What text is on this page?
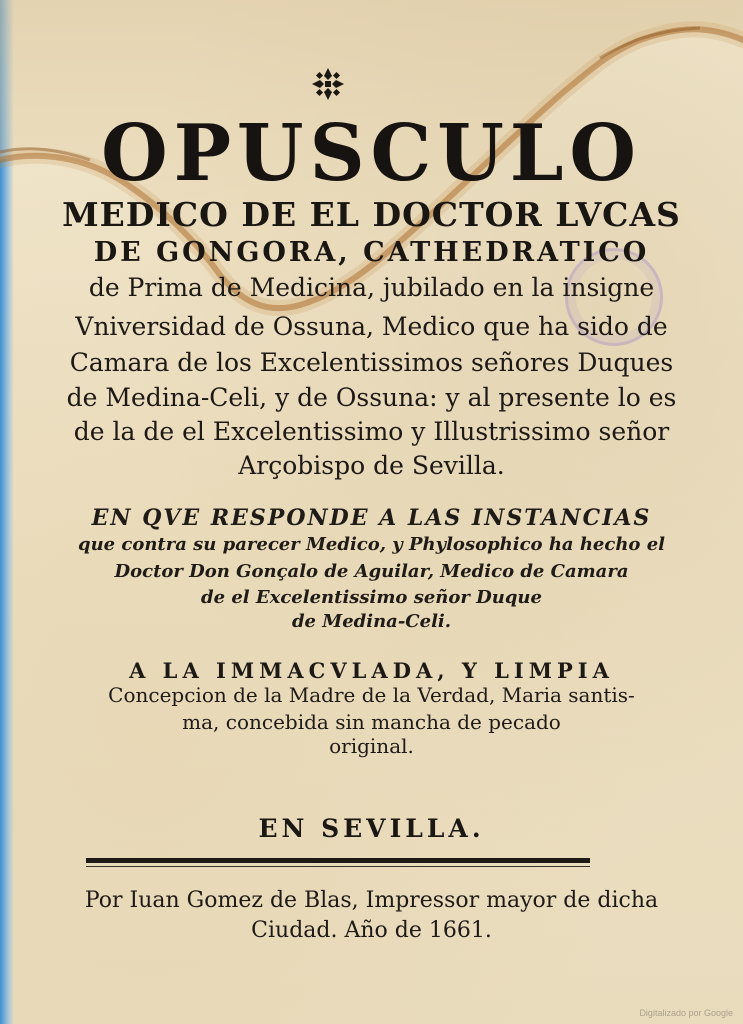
OPUSCULO
MEDICO DE EL DOCTOR LVCAS
DE GONGORA, CATHEDRATICO
de Prima de Medicina, jubilado en la insigne
Vniversidad de Ossuna, Medico que ha sido de
Camara de los Excelentissimos señores Duques
de Medina-Celi, y de Ossuna: y al presente lo es
de la de el Excelentissimo y Illustrissimo señor
Arçobispo de Sevilla.
EN QVE RESPONDE A LAS INSTANCIAS
que contra su parecer Medico, y Phylosophico ha hecho el
Doctor Don Gonçalo de Aguilar, Medico de Camara
de el Excelentissimo señor Duque
de Medina-Celi.
A LA IMMACVLADA, Y LIMPIA
Concepcion de la Madre de la Verdad, Maria santis-
ma, concebida sin mancha de pecado
original.
EN SEVILLA.
Por Iuan Gomez de Blas, Impressor mayor de dicha
Ciudad. Año de 1661.
Digitalizado por Google
